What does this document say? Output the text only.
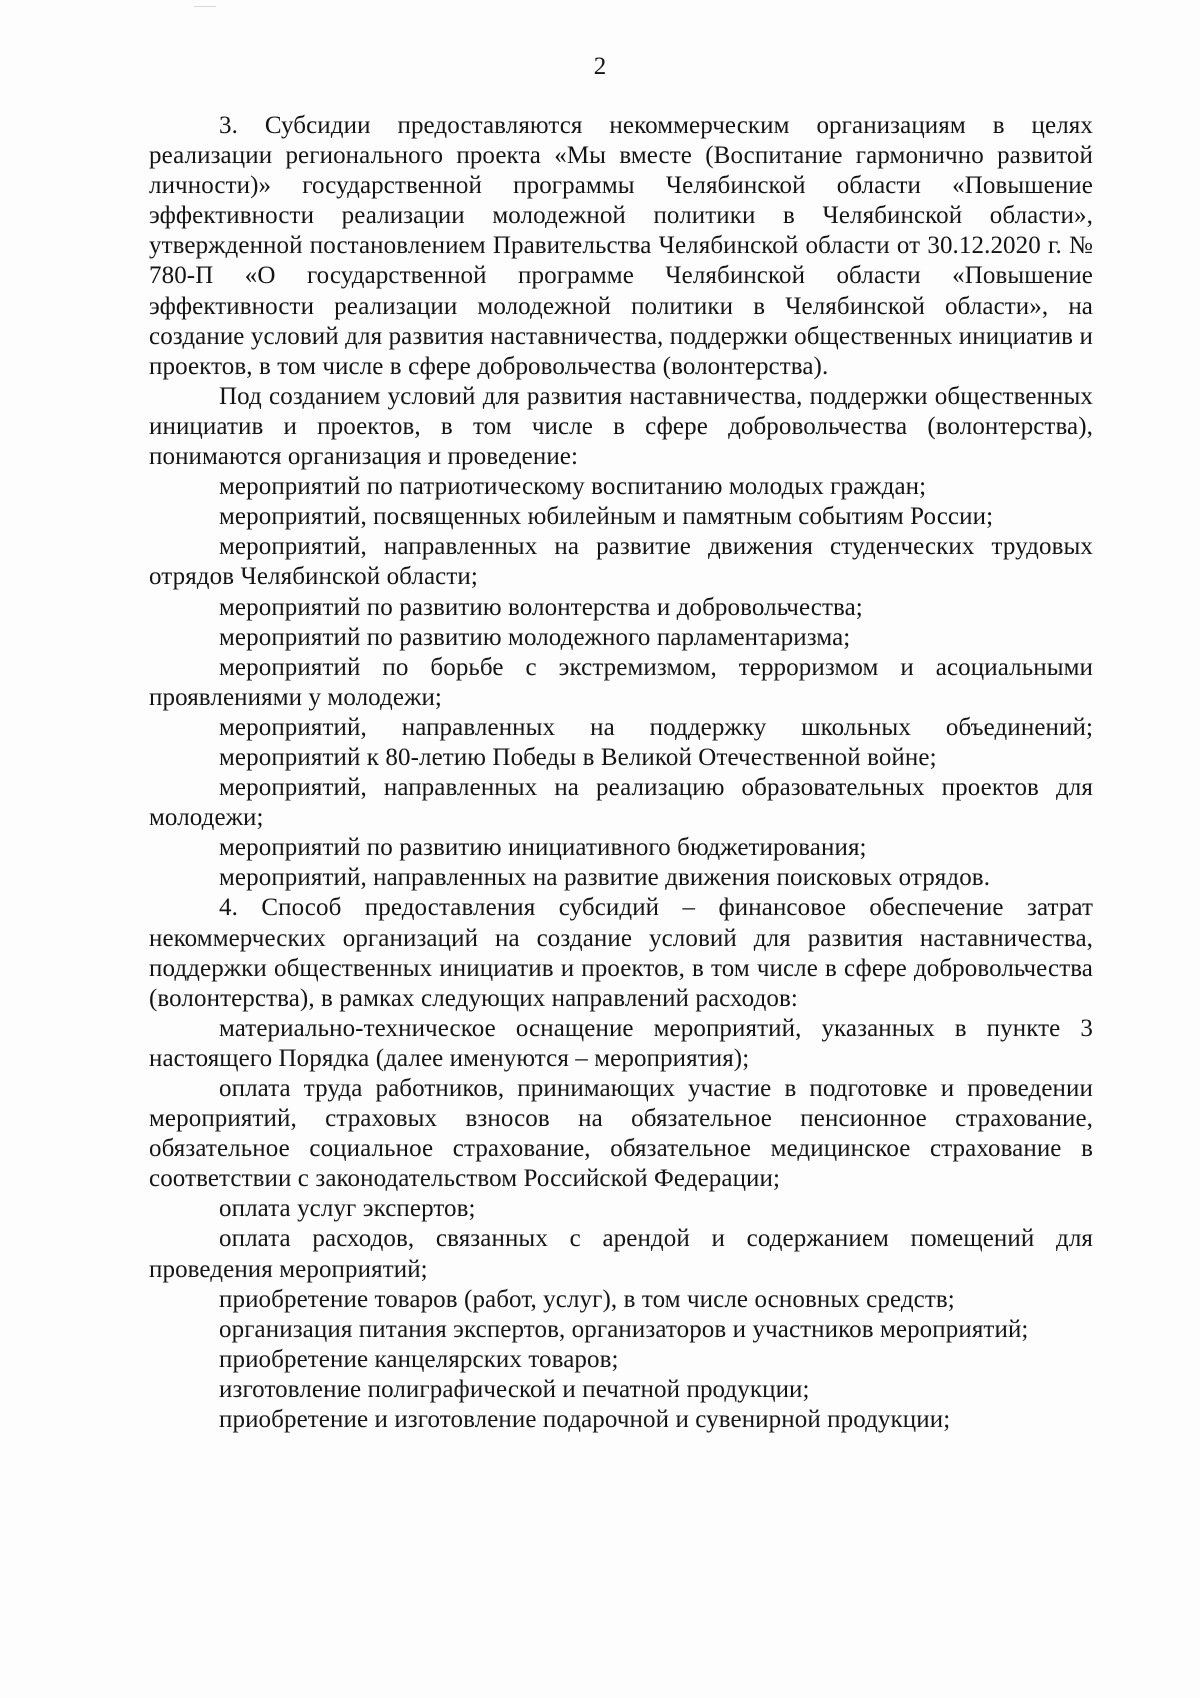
2

3. Субсидии предоставляются некоммерческим организациям в целях реализации регионального проекта «Мы вместе (Воспитание гармонично развитой личности)» государственной программы Челябинской области «Повышение эффективности реализации молодежной политики в Челябинской области», утвержденной постановлением Правительства Челябинской области от 30.12.2020 г. № 780-П «О государственной программе Челябинской области «Повышение эффективности реализации молодежной политики в Челябинской области», на создание условий для развития наставничества, поддержки общественных инициатив и проектов, в том числе в сфере добровольчества (волонтерства).

Под созданием условий для развития наставничества, поддержки общественных инициатив и проектов, в том числе в сфере добровольчества (волонтерства), понимаются организация и проведение:

мероприятий по патриотическому воспитанию молодых граждан;

мероприятий, посвященных юбилейным и памятным событиям России;

мероприятий, направленных на развитие движения студенческих трудовых отрядов Челябинской области;

мероприятий по развитию волонтерства и добровольчества;

мероприятий по развитию молодежного парламентаризма;

мероприятий по борьбе с экстремизмом, терроризмом и асоциальными проявлениями у молодежи;

мероприятий, направленных на поддержку школьных объединений;

мероприятий к 80-летию Победы в Великой Отечественной войне;

мероприятий, направленных на реализацию образовательных проектов для молодежи;

мероприятий по развитию инициативного бюджетирования;

мероприятий, направленных на развитие движения поисковых отрядов.

4. Способ предоставления субсидий – финансовое обеспечение затрат некоммерческих организаций на создание условий для развития наставничества, поддержки общественных инициатив и проектов, в том числе в сфере добровольчества (волонтерства), в рамках следующих направлений расходов:

материально-техническое оснащение мероприятий, указанных в пункте 3 настоящего Порядка (далее именуются – мероприятия);

оплата труда работников, принимающих участие в подготовке и проведении мероприятий, страховых взносов на обязательное пенсионное страхование, обязательное социальное страхование, обязательное медицинское страхование в соответствии с законодательством Российской Федерации;

оплата услуг экспертов;

оплата расходов, связанных с арендой и содержанием помещений для проведения мероприятий;

приобретение товаров (работ, услуг), в том числе основных средств;

организация питания экспертов, организаторов и участников мероприятий;

приобретение канцелярских товаров;

изготовление полиграфической и печатной продукции;

приобретение и изготовление подарочной и сувенирной продукции;
